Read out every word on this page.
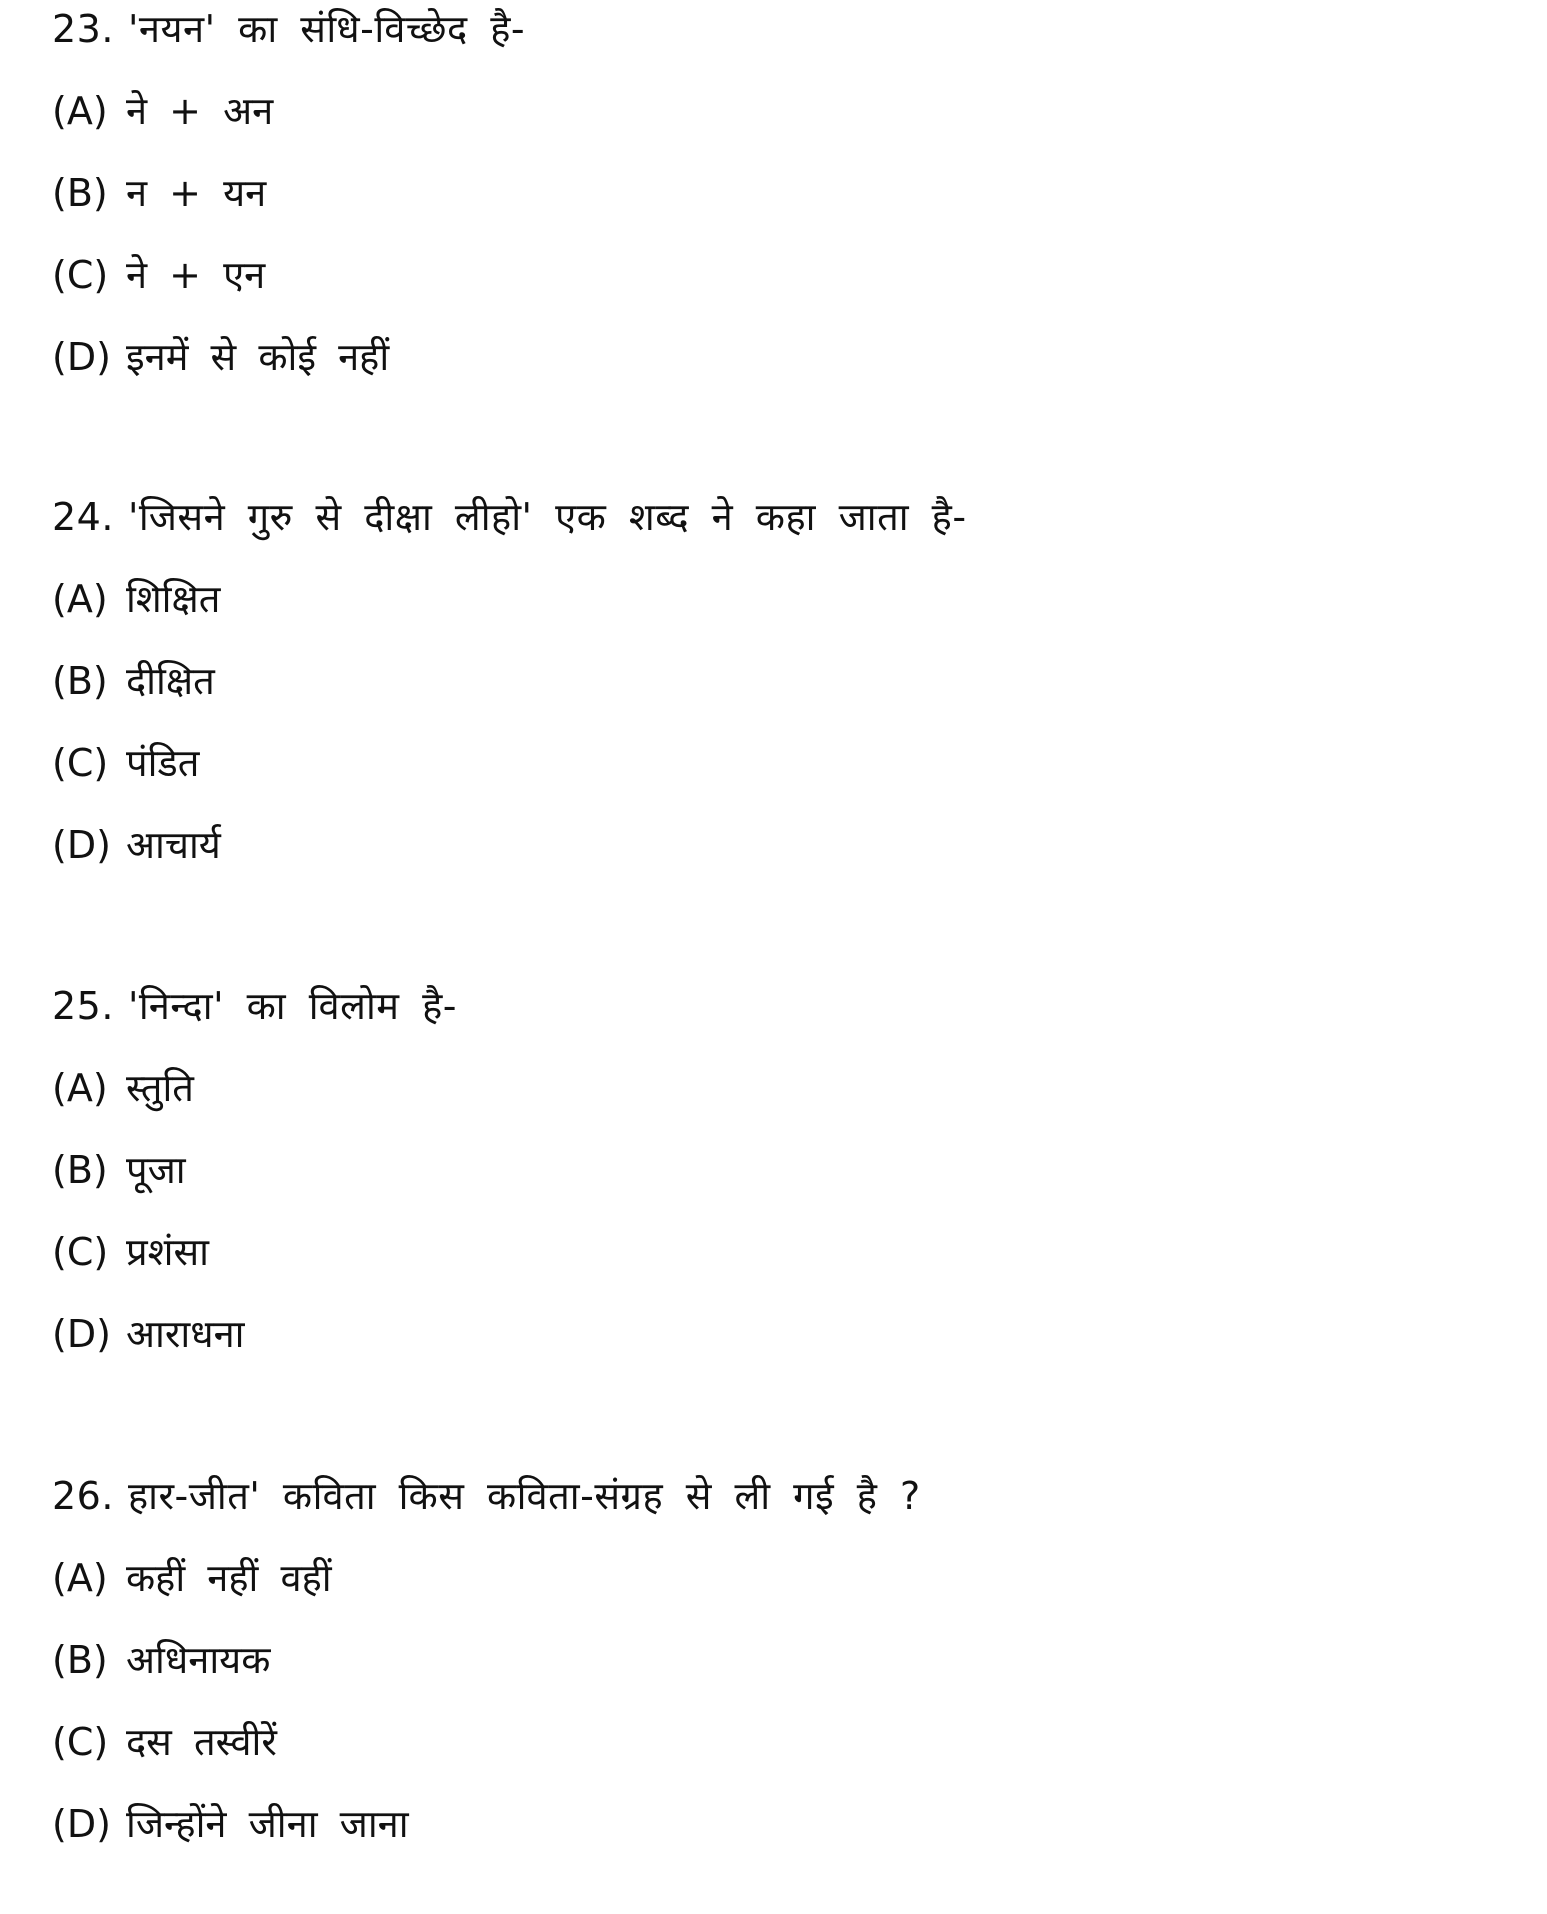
23. 'नयन' का संधि-विच्छेद है-
(A) ने + अन
(B) न + यन
(C) ने + एन
(D) इनमें से कोई नहीं
24. 'जिसने गुरु से दीक्षा लीहो' एक शब्द ने कहा जाता है-
(A) शिक्षित
(B) दीक्षित
(C) पंडित
(D) आचार्य
25. 'निन्दा' का विलोम है-
(A) स्तुति
(B) पूजा
(C) प्रशंसा
(D) आराधना
26. हार-जीत' कविता किस कविता-संग्रह से ली गई है ?
(A) कहीं नहीं वहीं
(B) अधिनायक
(C) दस तस्वीरें
(D) जिन्होंने जीना जाना
